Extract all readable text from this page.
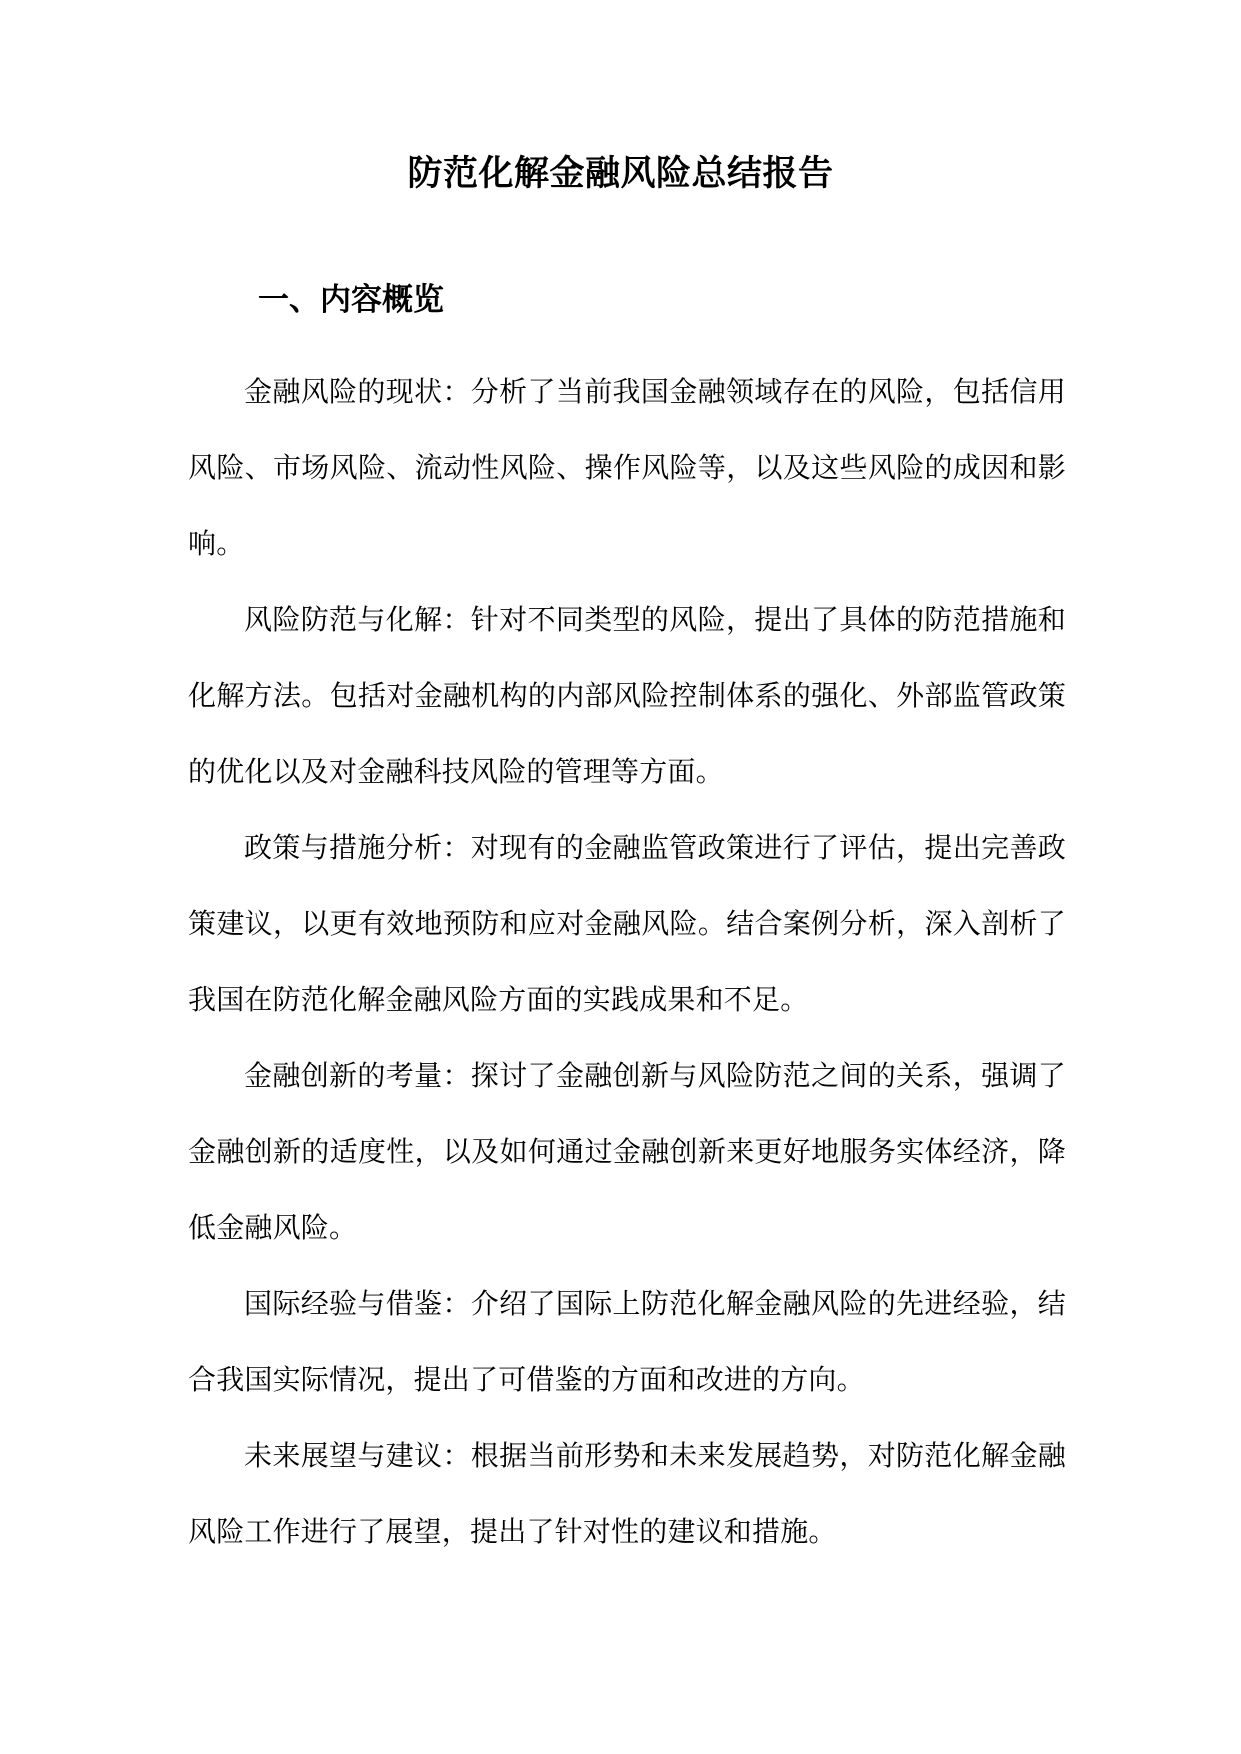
防范化解金融风险总结报告
一、内容概览

金融风险的现状：分析了当前我国金融领域存在的风险，包括信用风险、市场风险、流动性风险、操作风险等，以及这些风险的成因和影响。

风险防范与化解：针对不同类型的风险，提出了具体的防范措施和化解方法。包括对金融机构的内部风险控制体系的强化、外部监管政策的优化以及对金融科技风险的管理等方面。

政策与措施分析：对现有的金融监管政策进行了评估，提出完善政策建议，以更有效地预防和应对金融风险。结合案例分析，深入剖析了我国在防范化解金融风险方面的实践成果和不足。

金融创新的考量：探讨了金融创新与风险防范之间的关系，强调了金融创新的适度性，以及如何通过金融创新来更好地服务实体经济，降低金融风险。

国际经验与借鉴：介绍了国际上防范化解金融风险的先进经验，结合我国实际情况，提出了可借鉴的方面和改进的方向。

未来展望与建议：根据当前形势和未来发展趋势，对防范化解金融风险工作进行了展望，提出了针对性的建议和措施。
